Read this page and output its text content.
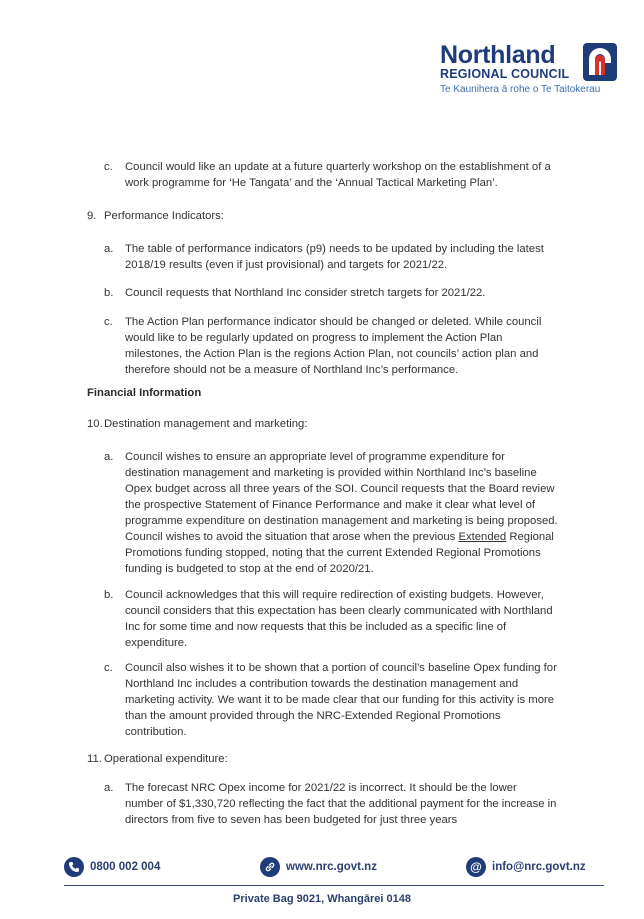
Northland
REGIONAL COUNCIL
Te Kaunihera ā rohe o Te Taitokerau
c. Council would like an update at a future quarterly workshop on the establishment of a work programme for ‘He Tangata’ and the ‘Annual Tactical Marketing Plan’.
9. Performance Indicators:
a. The table of performance indicators (p9) needs to be updated by including the latest 2018/19 results (even if just provisional) and targets for 2021/22.
b. Council requests that Northland Inc consider stretch targets for 2021/22.
c. The Action Plan performance indicator should be changed or deleted. While council would like to be regularly updated on progress to implement the Action Plan milestones, the Action Plan is the regions Action Plan, not councils’ action plan and therefore should not be a measure of Northland Inc’s performance.
Financial Information
10. Destination management and marketing:
a. Council wishes to ensure an appropriate level of programme expenditure for destination management and marketing is provided within Northland Inc’s baseline Opex budget across all three years of the SOI. Council requests that the Board review the prospective Statement of Finance Performance and make it clear what level of programme expenditure on destination management and marketing is being proposed. Council wishes to avoid the situation that arose when the previous Extended Regional Promotions funding stopped, noting that the current Extended Regional Promotions funding is budgeted to stop at the end of 2020/21.
b. Council acknowledges that this will require redirection of existing budgets. However, council considers that this expectation has been clearly communicated with Northland Inc for some time and now requests that this be included as a specific line of expenditure.
c. Council also wishes it to be shown that a portion of council’s baseline Opex funding for Northland Inc includes a contribution towards the destination management and marketing activity. We want it to be made clear that our funding for this activity is more than the amount provided through the NRC-Extended Regional Promotions contribution.
11. Operational expenditure:
a. The forecast NRC Opex income for 2021/22 is incorrect. It should be the lower number of $1,330,720 reflecting the fact that the additional payment for the increase in directors from five to seven has been budgeted for just three years
0800 002 004	www.nrc.govt.nz	@ info@nrc.govt.nz
Private Bag 9021, Whangārei 0148
